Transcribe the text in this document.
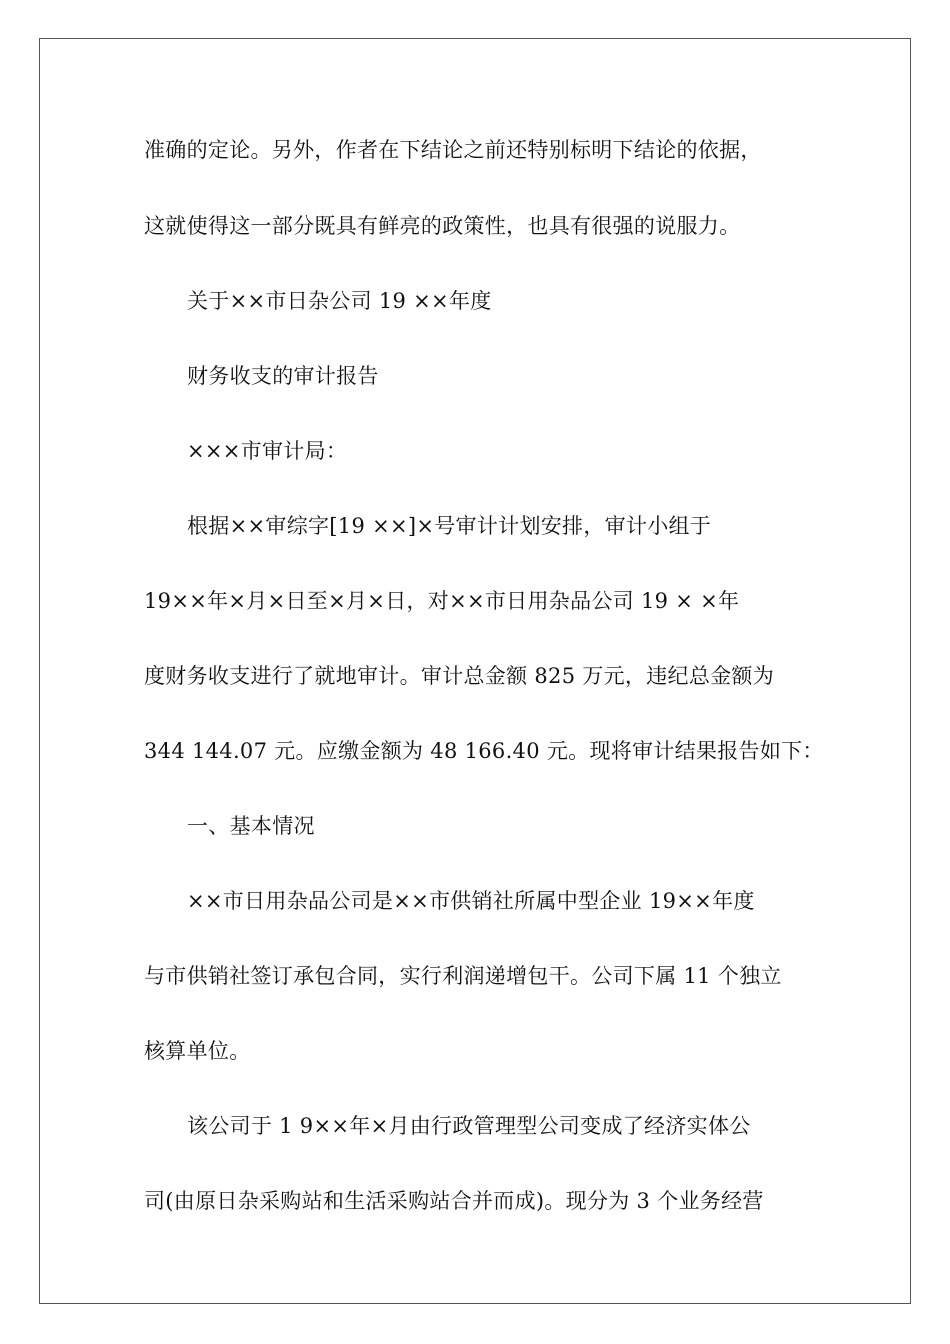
准确的定论。另外，作者在下结论之前还特别标明下结论的依据，
这就使得这一部分既具有鲜亮的政策性，也具有很强的说服力。
关于××市日杂公司 19 ××年度
财务收支的审计报告
×××市审计局：
根据××审综字[19 ××]×号审计计划安排，审计小组于
19××年×月×日至×月×日，对××市日用杂品公司 19 × ×年
度财务收支进行了就地审计。审计总金额 825 万元，违纪总金额为
344 144.07 元。应缴金额为 48 166.40 元。现将审计结果报告如下：
一、基本情况
××市日用杂品公司是××市供销社所属中型企业 19××年度
与市供销社签订承包合同，实行利润递增包干。公司下属 11 个独立
核算单位。
该公司于 1 9××年×月由行政管理型公司变成了经济实体公
司(由原日杂采购站和生活采购站合并而成)。现分为 3 个业务经营
